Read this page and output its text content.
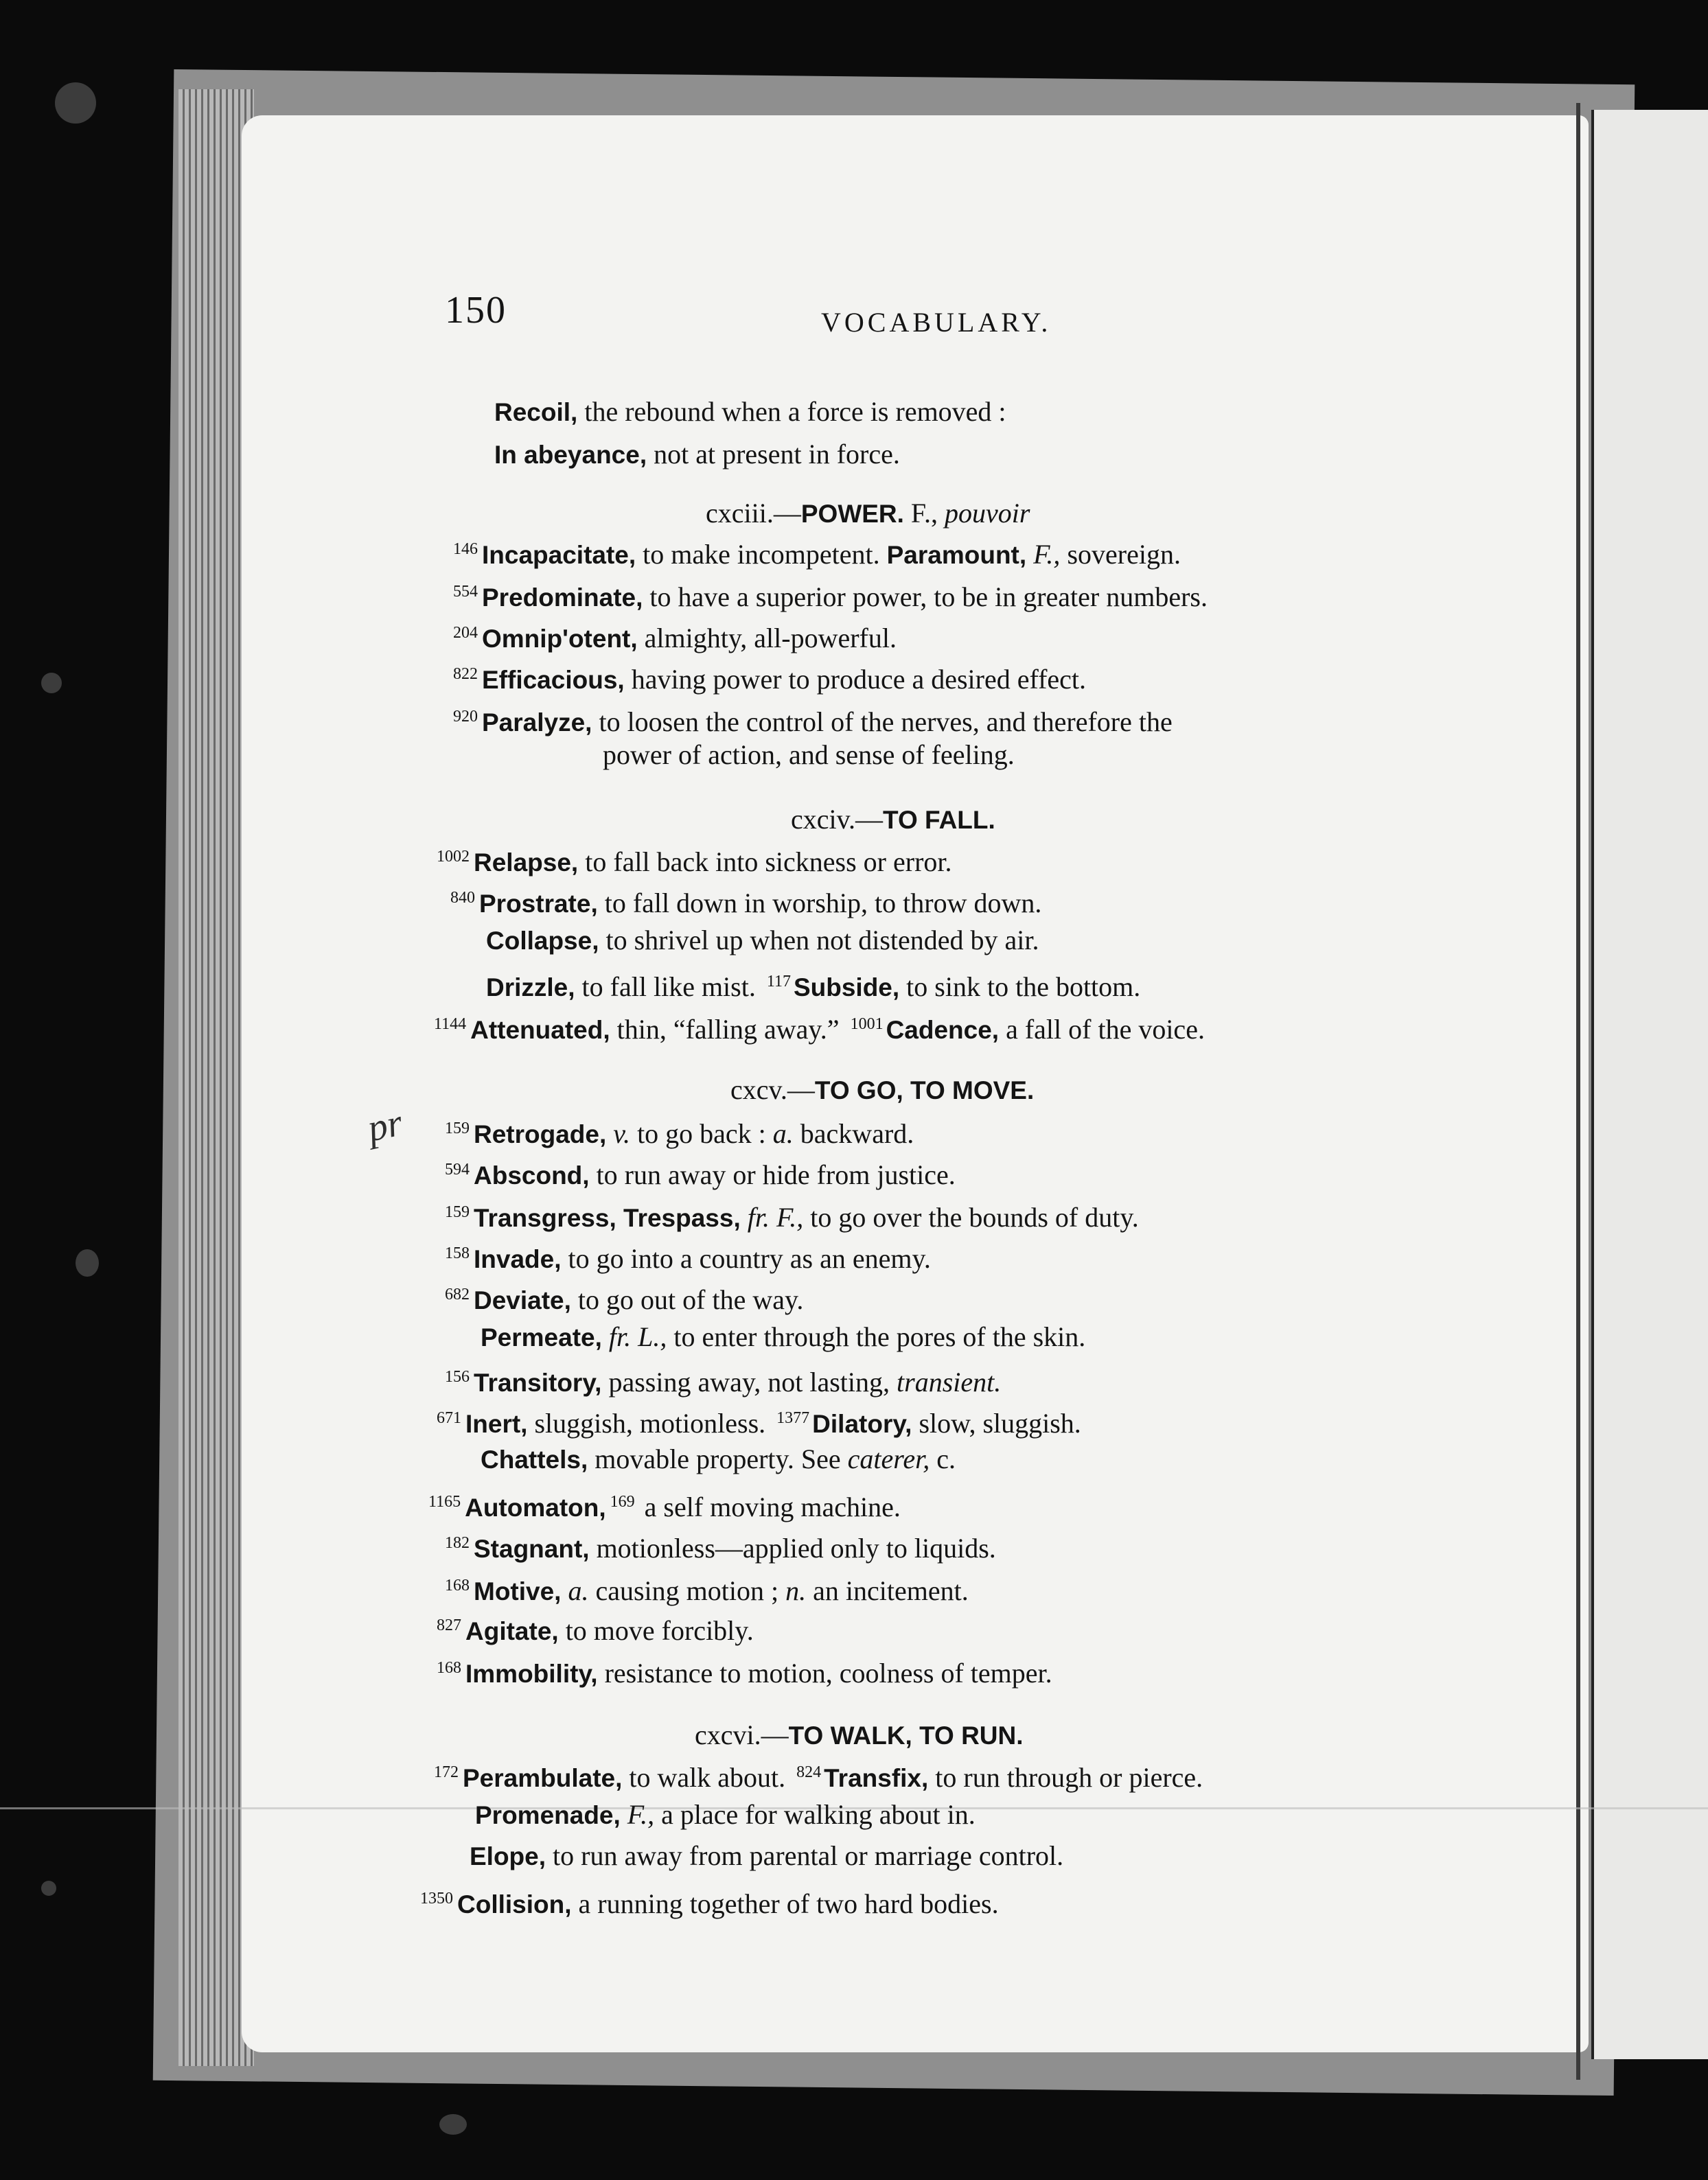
150	VOCABULARY.
pr
Recoil, the rebound when a force is removed :
In abeyance, not at present in force.
cxciii.—POWER. F., pouvoir
$^{146}$ Incapacitate, to make incompetent. Paramount, F., sovereign.
$^{554}$ Predominate, to have a superior power, to be in greater numbers.
$^{204}$ Omnip'otent, almighty, all-powerful.
$^{822}$ Efficacious, having power to produce a desired effect.
$^{920}$ Paralyze, to loosen the control of the nerves, and therefore the
power of action, and sense of feeling.
cxciv.—TO FALL.
$^{1002}$ Relapse, to fall back into sickness or error.
$^{840}$ Prostrate, to fall down in worship, to throw down.
Collapse, to shrivel up when not distended by air.
Drizzle, to fall like mist. $^{117}$ Subside, to sink to the bottom.
$^{1144}$ Attenuated, thin, “falling away.” $^{1001}$ Cadence, a fall of the voice.
cxcv.—TO GO, TO MOVE.
$^{159}$ Retrogade, v. to go back : a. backward.
$^{594}$ Abscond, to run away or hide from justice.
$^{159}$ Transgress, Trespass, fr. F., to go over the bounds of duty.
$^{158}$ Invade, to go into a country as an enemy.
$^{682}$ Deviate, to go out of the way.
Permeate, fr. L., to enter through the pores of the skin.
$^{156}$ Transitory, passing away, not lasting, transient.
$^{671}$ Inert, sluggish, motionless. $^{1377}$ Dilatory, slow, sluggish.
Chattels, movable property. See caterer, c.
$^{1165}$ Automaton, $^{169}$ a self moving machine.
$^{182}$ Stagnant, motionless—applied only to liquids.
$^{168}$ Motive, a. causing motion ; n. an incitement.
$^{827}$ Agitate, to move forcibly.
$^{168}$ Immobility, resistance to motion, coolness of temper.
cxcvi.—TO WALK, TO RUN.
$^{172}$ Perambulate, to walk about. $^{824}$ Transfix, to run through or pierce.
Promenade, F., a place for walking about in.
Elope, to run away from parental or marriage control.
$^{1350}$ Collision, a running together of two hard bodies.
